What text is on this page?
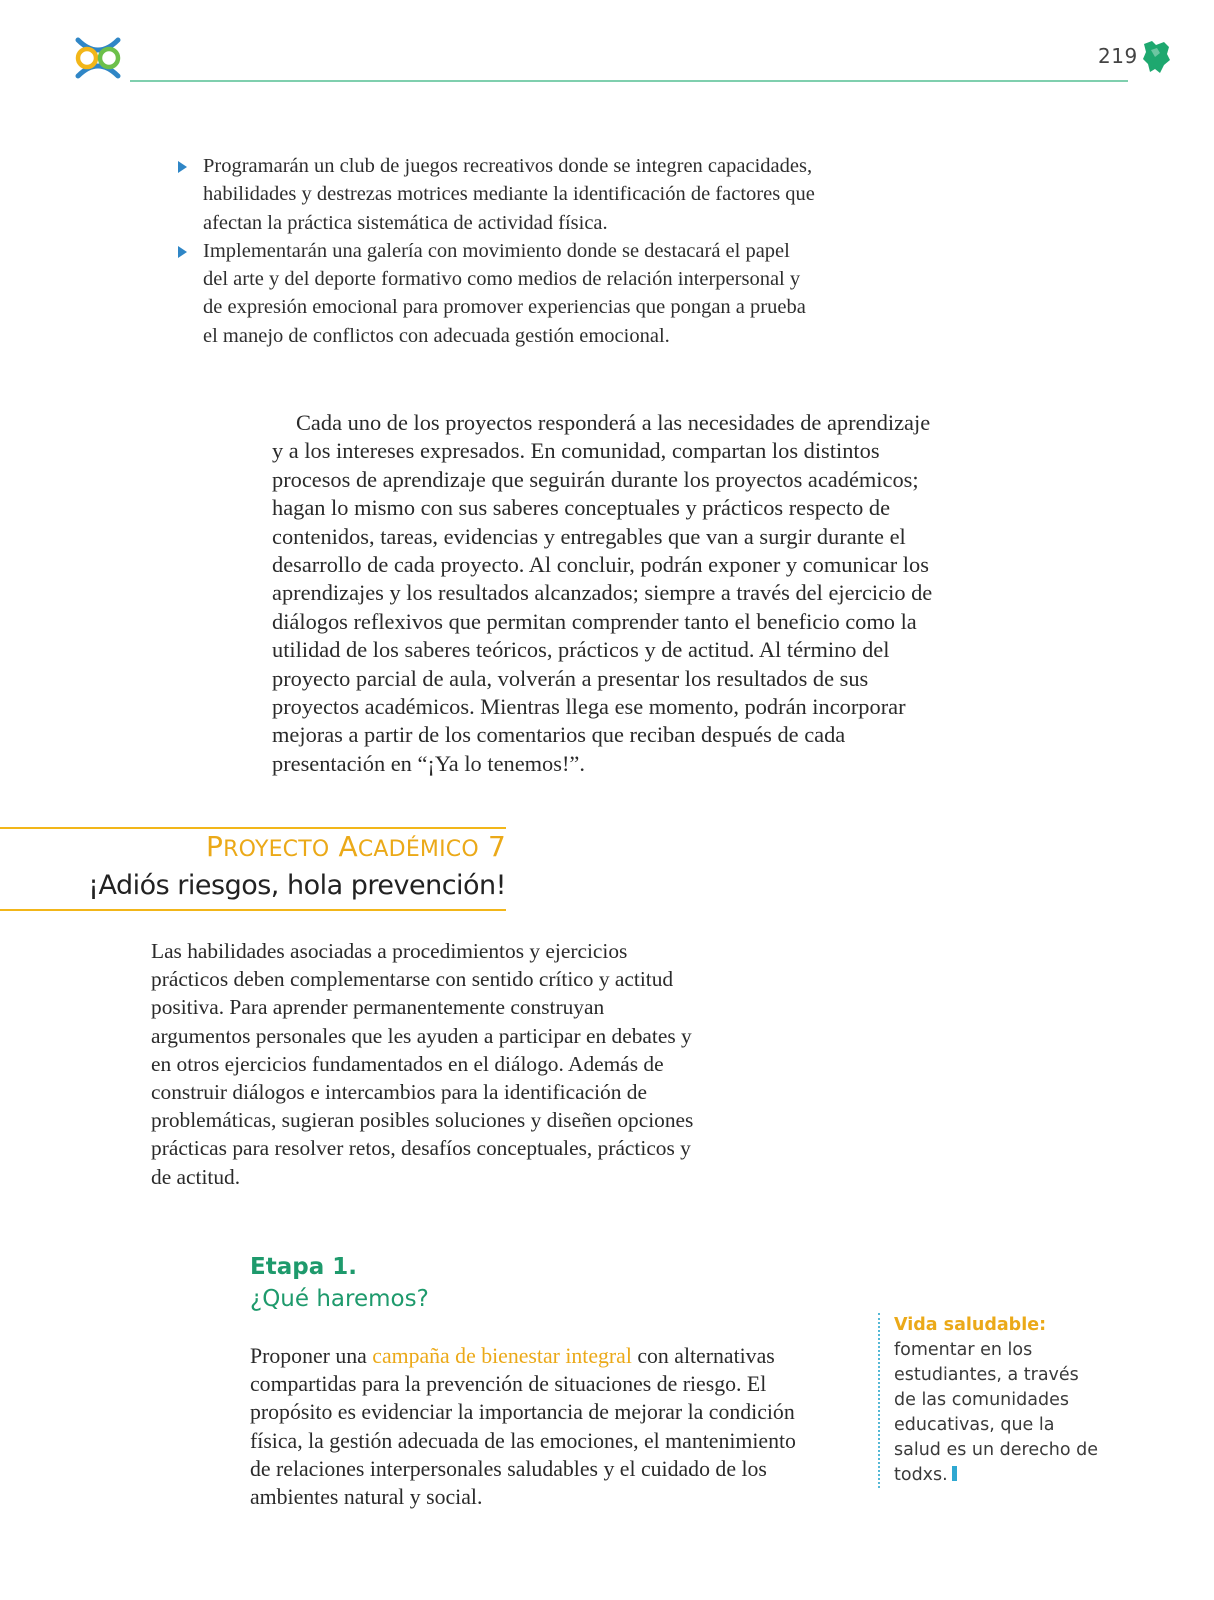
219
Programarán un club de juegos recreativos donde se integren capacidades, habilidades y destrezas motrices mediante la identificación de factores que afectan la práctica sistemática de actividad física.
Implementarán una galería con movimiento donde se destacará el papel del arte y del deporte formativo como medios de relación interpersonal y de expresión emocional para promover experiencias que pongan a prueba el manejo de conflictos con adecuada gestión emocional.

Cada uno de los proyectos responderá a las necesidades de aprendizaje y a los intereses expresados. En comunidad, compartan los distintos procesos de aprendizaje que seguirán durante los proyectos académicos; hagan lo mismo con sus saberes conceptuales y prácticos respecto de contenidos, tareas, evidencias y entregables que van a surgir durante el desarrollo de cada proyecto. Al concluir, podrán exponer y comunicar los aprendizajes y los resultados alcanzados; siempre a través del ejercicio de diálogos reflexivos que permitan comprender tanto el beneficio como la utilidad de los saberes teóricos, prácticos y de actitud. Al término del proyecto parcial de aula, volverán a presentar los resultados de sus proyectos académicos. Mientras llega ese momento, podrán incorporar mejoras a partir de los comentarios que reciban después de cada presentación en “¡Ya lo tenemos!”.

PROYECTO ACADÉMICO 7
¡Adiós riesgos, hola prevención!

Las habilidades asociadas a procedimientos y ejercicios prácticos deben complementarse con sentido crítico y actitud positiva. Para aprender permanentemente construyan argumentos personales que les ayuden a participar en debates y en otros ejercicios fundamentados en el diálogo. Además de construir diálogos e intercambios para la identificación de problemáticas, sugieran posibles soluciones y diseñen opciones prácticas para resolver retos, desafíos conceptuales, prácticos y de actitud.

Etapa 1.
¿Qué haremos?

Proponer una campaña de bienestar integral con alternativas compartidas para la prevención de situaciones de riesgo. El propósito es evidenciar la importancia de mejorar la condición física, la gestión adecuada de las emociones, el mantenimiento de relaciones interpersonales saludables y el cuidado de los ambientes natural y social.

Vida saludable:
fomentar en los estudiantes, a través de las comunidades educativas, que la salud es un derecho de todxs.
